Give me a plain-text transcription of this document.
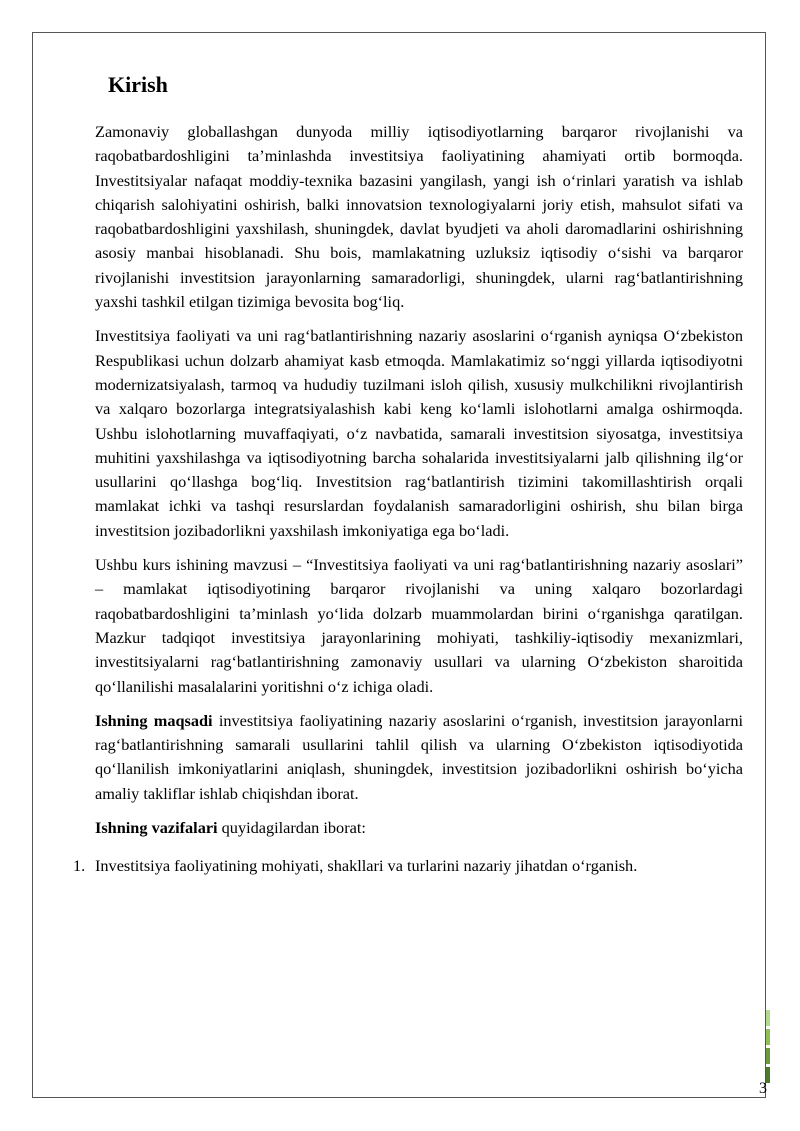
Kirish

Zamonaviy globallashgan dunyoda milliy iqtisodiyotlarning barqaror rivojlanishi va raqobatbardoshligini ta’minlashda investitsiya faoliyatining ahamiyati ortib bormoqda. Investitsiyalar nafaqat moddiy-texnika bazasini yangilash, yangi ish o‘rinlari yaratish va ishlab chiqarish salohiyatini oshirish, balki innovatsion texnologiyalarni joriy etish, mahsulot sifati va raqobatbardoshligini yaxshilash, shuningdek, davlat byudjeti va aholi daromadlarini oshirishning asosiy manbai hisoblanadi. Shu bois, mamlakatning uzluksiz iqtisodiy o‘sishi va barqaror rivojlanishi investitsion jarayonlarning samaradorligi, shuningdek, ularni rag‘batlantirishning yaxshi tashkil etilgan tizimiga bevosita bog‘liq.

Investitsiya faoliyati va uni rag‘batlantirishning nazariy asoslarini o‘rganish ayniqsa O‘zbekiston Respublikasi uchun dolzarb ahamiyat kasb etmoqda. Mamlakatimiz so‘nggi yillarda iqtisodiyotni modernizatsiyalash, tarmoq va hududiy tuzilmani isloh qilish, xususiy mulkchilikni rivojlantirish va xalqaro bozorlarga integratsiyalashish kabi keng ko‘lamli islohotlarni amalga oshirmoqda. Ushbu islohotlarning muvaffaqiyati, o‘z navbatida, samarali investitsion siyosatga, investitsiya muhitini yaxshilashga va iqtisodiyotning barcha sohalarida investitsiyalarni jalb qilishning ilg‘or usullarini qo‘llashga bog‘liq. Investitsion rag‘batlantirish tizimini takomillashtirish orqali mamlakat ichki va tashqi resurslardan foydalanish samaradorligini oshirish, shu bilan birga investitsion jozibadorlikni yaxshilash imkoniyatiga ega bo‘ladi.

Ushbu kurs ishining mavzusi – “Investitsiya faoliyati va uni rag‘batlantirishning nazariy asoslari” – mamlakat iqtisodiyotining barqaror rivojlanishi va uning xalqaro bozorlardagi raqobatbardoshligini ta’minlash yo‘lida dolzarb muammolardan birini o‘rganishga qaratilgan. Mazkur tadqiqot investitsiya jarayonlarining mohiyati, tashkiliy-iqtisodiy mexanizmlari, investitsiyalarni rag‘batlantirishning zamonaviy usullari va ularning O‘zbekiston sharoitida qo‘llanilishi masalalarini yoritishni o‘z ichiga oladi.

Ishning maqsadi investitsiya faoliyatining nazariy asoslarini o‘rganish, investitsion jarayonlarni rag‘batlantirishning samarali usullarini tahlil qilish va ularning O‘zbekiston iqtisodiyotida qo‘llanilish imkoniyatlarini aniqlash, shuningdek, investitsion jozibadorlikni oshirish bo‘yicha amaliy takliflar ishlab chiqishdan iborat.

Ishning vazifalari quyidagilardan iborat:

1. Investitsiya faoliyatining mohiyati, shakllari va turlarini nazariy jihatdan o‘rganish.
3
